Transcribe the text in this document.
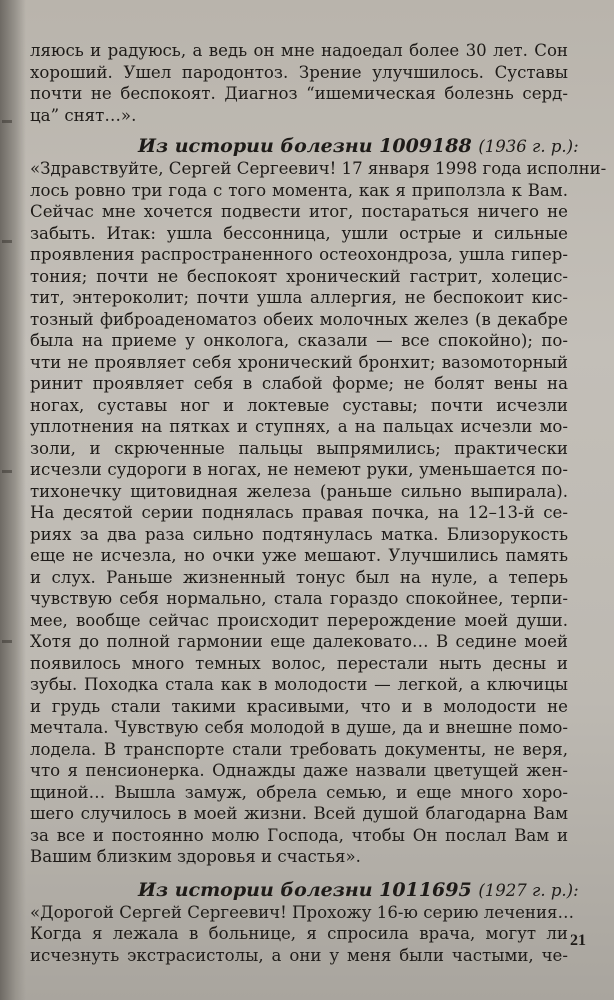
ляюсь и радуюсь, а ведь он мне надоедал более 30 лет. Сон
хороший. Ушел пародонтоз. Зрение улучшилось. Суставы
почти не беспокоят. Диагноз “ишемическая болезнь серд-
ца” снят…».
Из истории болезни 1009188 (1936 г. р.):
«Здравствуйте, Сергей Сергеевич! 17 января 1998 года исполни-
лось ровно три года с того момента, как я приползла к Вам.
Сейчас мне хочется подвести итог, постараться ничего не
забыть. Итак: ушла бессонница, ушли острые и сильные
проявления распространенного остеохондроза, ушла гипер-
тония; почти не беспокоят хронический гастрит, холецис-
тит, энтероколит; почти ушла аллергия, не беспокоит кис-
тозный фиброаденоматоз обеих молочных желез (в декабре
была на приеме у онколога, сказали — все спокойно); по-
чти не проявляет себя хронический бронхит; вазомоторный
ринит проявляет себя в слабой форме; не болят вены на
ногах, суставы ног и локтевые суставы; почти исчезли
уплотнения на пятках и ступнях, а на пальцах исчезли мо-
золи, и скрюченные пальцы выпрямились; практически
исчезли судороги в ногах, не немеют руки, уменьшается по-
тихонечку щитовидная железа (раньше сильно выпирала).
На десятой серии поднялась правая почка, на 12–13-й се-
риях за два раза сильно подтянулась матка. Близорукость
еще не исчезла, но очки уже мешают. Улучшились память
и слух. Раньше жизненный тонус был на нуле, а теперь
чувствую себя нормально, стала гораздо спокойнее, терпи-
мее, вообще сейчас происходит перерождение моей души.
Хотя до полной гармонии еще далековато… В седине моей
появилось много темных волос, перестали ныть десны и
зубы. Походка стала как в молодости — легкой, а ключицы
и грудь стали такими красивыми, что и в молодости не
мечтала. Чувствую себя молодой в душе, да и внешне помо-
лодела. В транспорте стали требовать документы, не веря,
что я пенсионерка. Однажды даже назвали цветущей жен-
щиной… Вышла замуж, обрела семью, и еще много хоро-
шего случилось в моей жизни. Всей душой благодарна Вам
за все и постоянно молю Господа, чтобы Он послал Вам и
Вашим близким здоровья и счастья».
Из истории болезни 1011695 (1927 г. р.):
«Дорогой Сергей Сергеевич! Прохожу 16-ю серию лечения…
Когда я лежала в больнице, я спросила врача, могут ли
исчезнуть экстрасистолы, а они у меня были частыми, че-
21
